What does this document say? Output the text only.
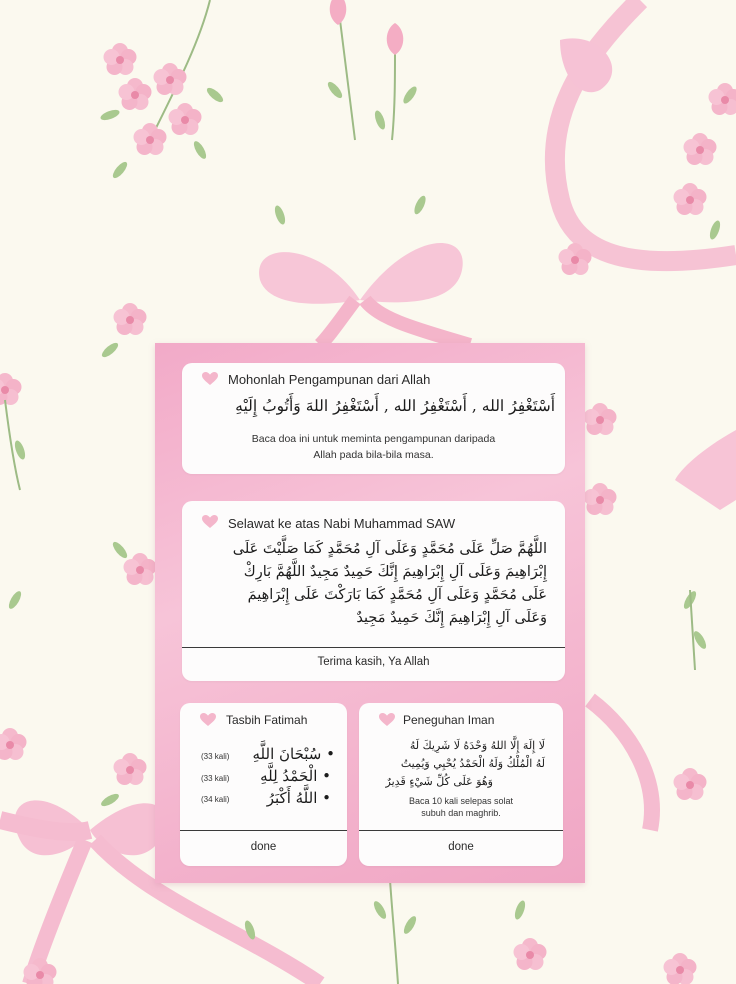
Mohonlah Pengampunan dari Allah
أَسْتَغْفِرُ الله , أَسْتَغْفِرُ الله , أَسْتَغْفِرُ اللهَ وَأَتُوبُ إِلَيْهِ
Baca doa ini untuk meminta pengampunan daripada
Allah pada bila-bila masa.
Selawat ke atas Nabi Muhammad SAW
اللَّهُمَّ صَلِّ عَلَى مُحَمَّدٍ وَعَلَى آلِ مُحَمَّدٍ كَمَا صَلَّيْتَ عَلَى
إِبْرَاهِيمَ وَعَلَى آلِ إِبْرَاهِيمَ إِنَّكَ حَمِيدٌ مَجِيدٌ اللَّهُمَّ بَارِكْ
عَلَى مُحَمَّدٍ وَعَلَى آلِ مُحَمَّدٍ كَمَا بَارَكْتَ عَلَى إِبْرَاهِيمَ
وَعَلَى آلِ إِبْرَاهِيمَ إِنَّكَ حَمِيدٌ مَجِيدٌ
Terima kasih, Ya Allah
Tasbih Fatimah
(33 kali)	• سُبْحَانَ اللَّهِ
(33 kali)	• الْحَمْدُ لِلَّهِ
(34 kali)	• اللَّهُ أَكْبَرُ
done
Peneguhan Iman
لَا إِلَهَ إِلَّا اللهُ وَحْدَهُ لَا شَرِيكَ لَهُ
لَهُ الْمُلْكُ وَلَهُ الْحَمْدُ يُحْيِي وَيُمِيتُ
وَهُوَ عَلَى كُلِّ شَيْءٍ قَدِيرٌ
Baca 10 kali selepas solat
subuh dan maghrib.
done
